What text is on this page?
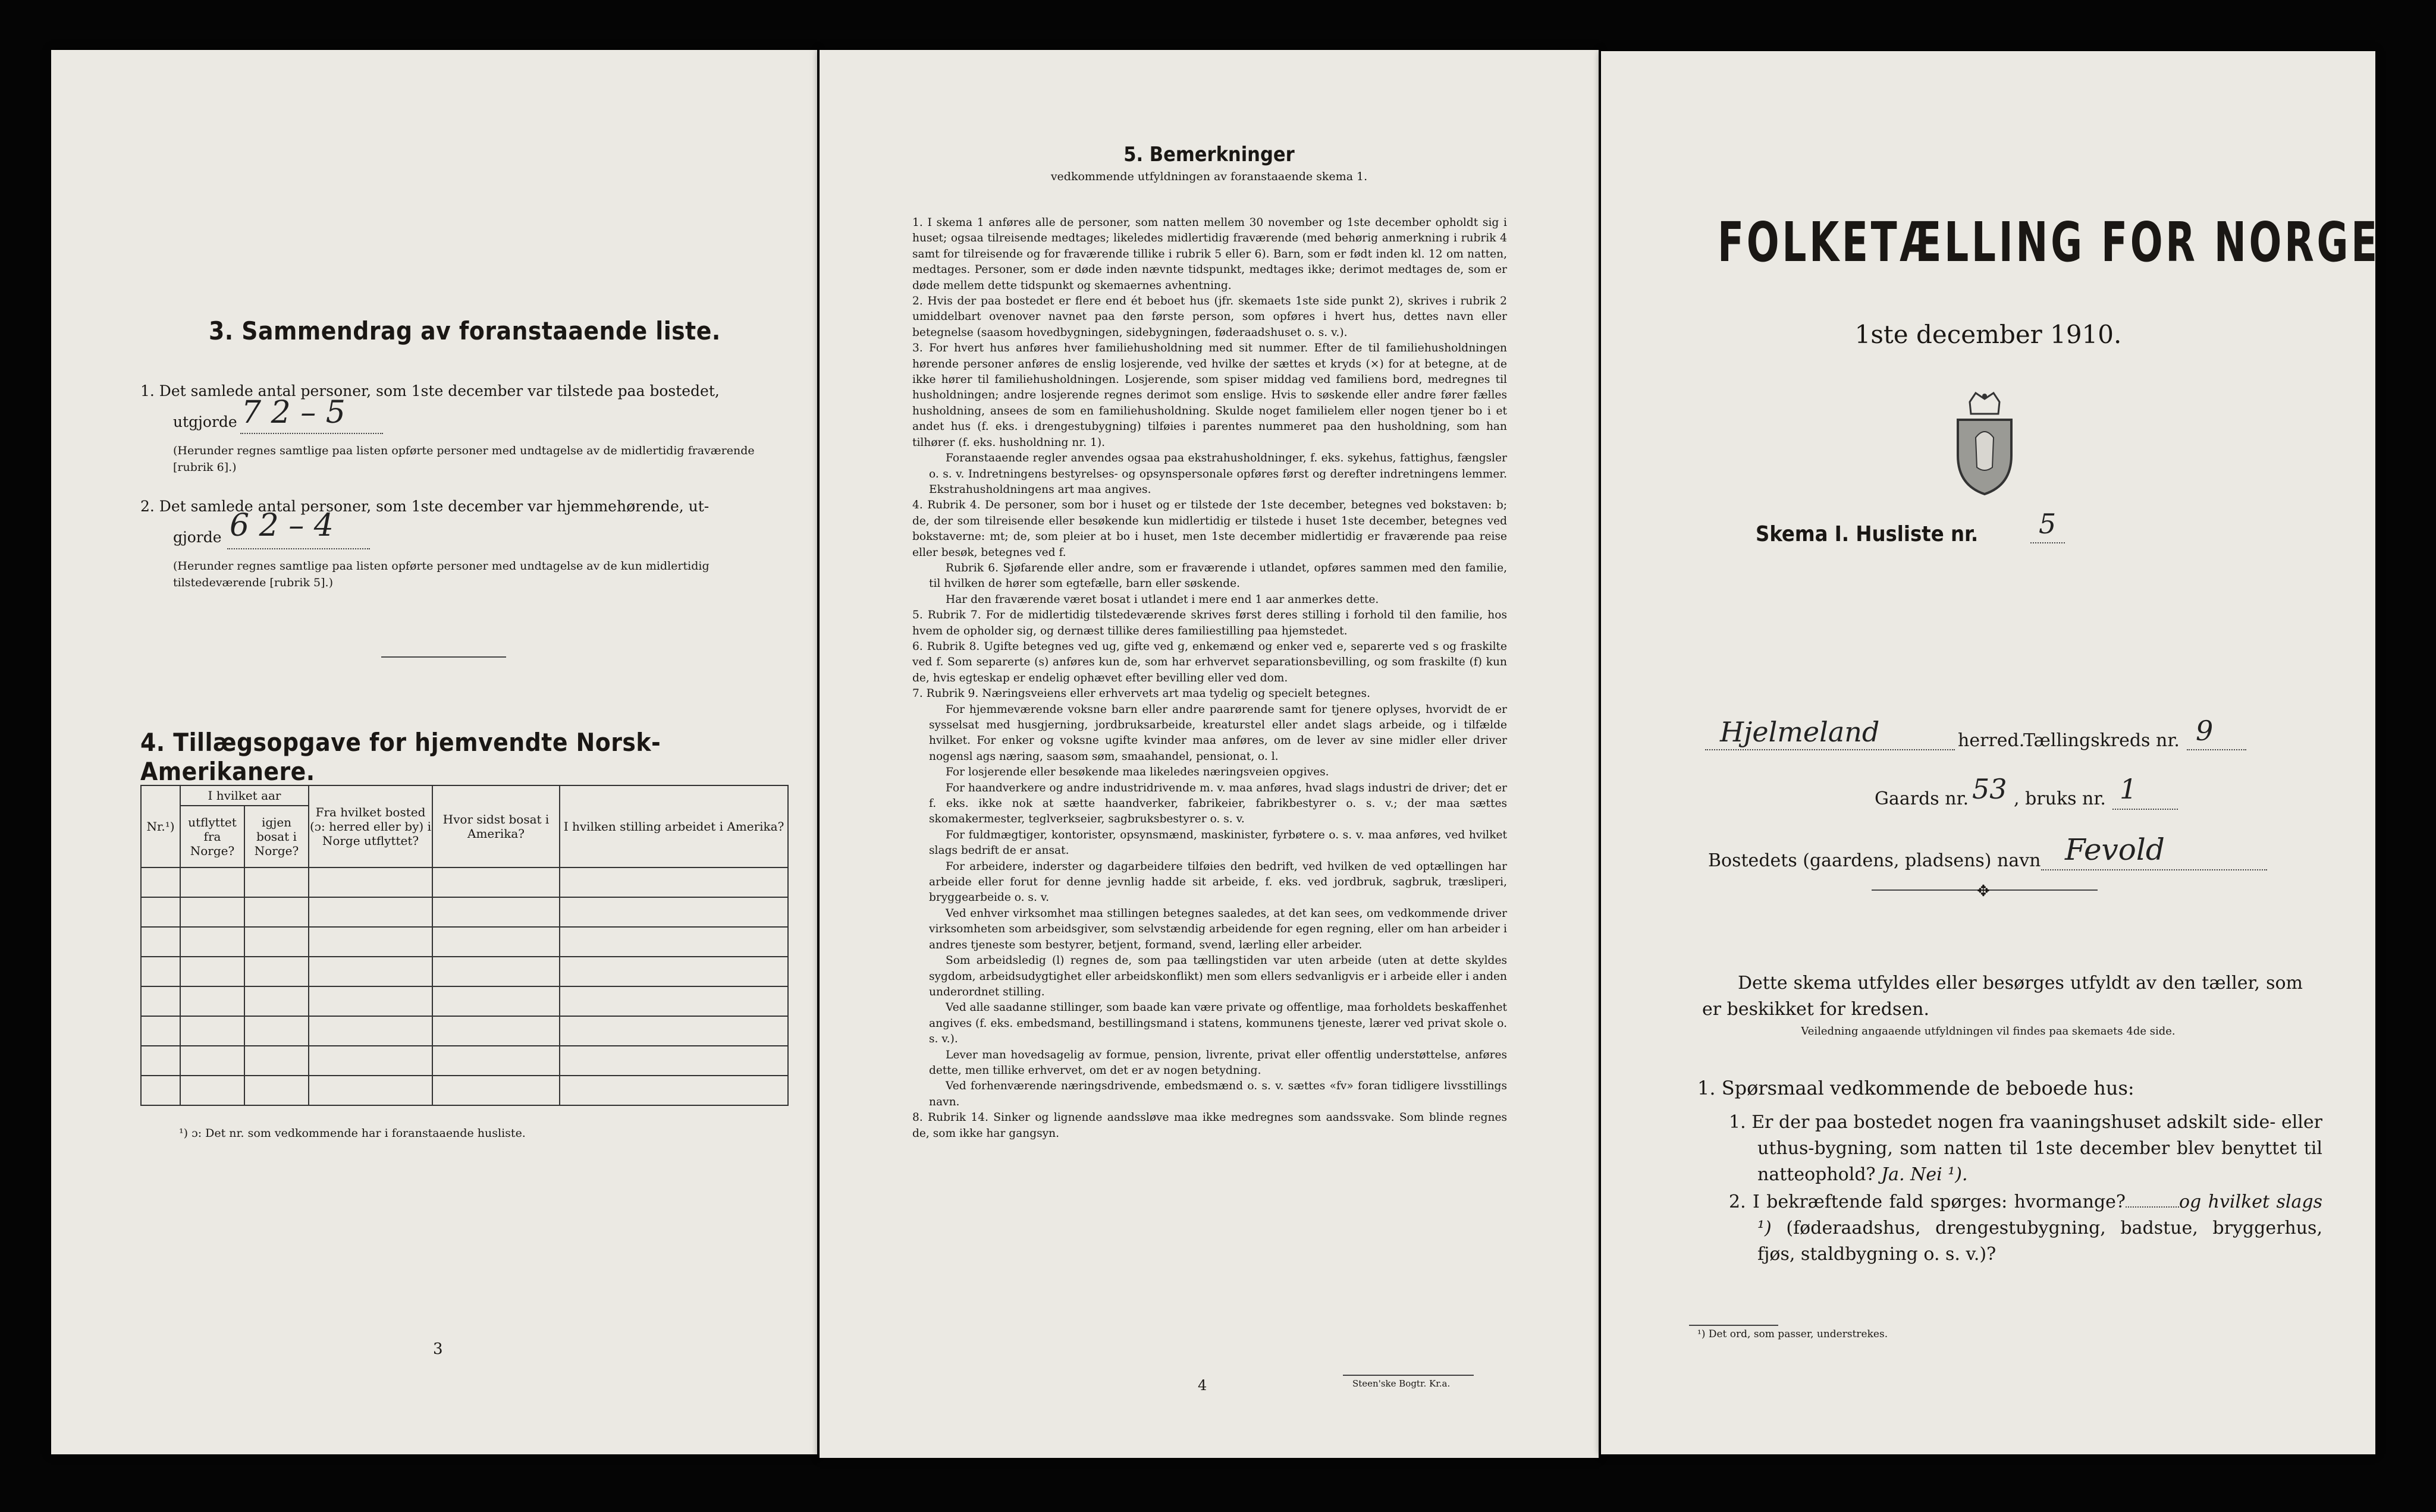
3. Sammendrag av foranstaaende liste.
1. Det samlede antal personer, som 1ste december var tilstede paa bostedet,
utgjorde 7 2 – 5
(Herunder regnes samtlige paa listen opførte personer med undtagelse av de midlertidig fraværende [rubrik 6].)
2. Det samlede antal personer, som 1ste december var hjemmehørende, ut-
gjorde 6 2 – 4
(Herunder regnes samtlige paa listen opførte personer med undtagelse av de kun midlertidig tilstedeværende [rubrik 5].)
4. Tillægsopgave for hjemvendte Norsk-Amerikanere.
Nr.¹)	I hvilket aar		Fra hvilket bosted (ɔ: herred eller by) i Norge utflyttet?	Hvor sidst bosat i Amerika?	I hvilken stilling arbeidet i Amerika?
	utflyttet fra Norge?	igjen bosat i Norge?			

¹) ɔ: Det nr. som vedkommende har i foranstaaende husliste.
3
5. Bemerkninger
vedkommende utfyldningen av foranstaaende skema 1.

1. I skema 1 anføres alle de personer, som natten mellem 30 november og 1ste december opholdt sig i huset; ogsaa tilreisende medtages; likeledes midlertidig fraværende (med behørig anmerkning i rubrik 4 samt for tilreisende og for fraværende tillike i rubrik 5 eller 6). Barn, som er født inden kl. 12 om natten, medtages. Personer, som er døde inden nævnte tidspunkt, medtages ikke; derimot medtages de, som er døde mellem dette tidspunkt og skemaernes avhentning.

2. Hvis der paa bostedet er flere end ét beboet hus (jfr. skemaets 1ste side punkt 2), skrives i rubrik 2 umiddelbart ovenover navnet paa den første person, som opføres i hvert hus, dettes navn eller betegnelse (saasom hovedbygningen, sidebygningen, føderaadshuset o. s. v.).

3. For hvert hus anføres hver familiehusholdning med sit nummer. Efter de til familiehusholdningen hørende personer anføres de enslig losjerende, ved hvilke der sættes et kryds (×) for at betegne, at de ikke hører til familiehusholdningen. Losjerende, som spiser middag ved familiens bord, medregnes til husholdningen; andre losjerende regnes derimot som enslige. Hvis to søskende eller andre fører fælles husholdning, ansees de som en familiehusholdning. Skulde noget familielem eller nogen tjener bo i et andet hus (f. eks. i drengestubygning) tilføies i parentes nummeret paa den husholdning, som han tilhører (f. eks. husholdning nr. 1).

Foranstaaende regler anvendes ogsaa paa ekstrahusholdninger, f. eks. sykehus, fattighus, fængsler o. s. v. Indretningens bestyrelses- og opsynspersonale opføres først og derefter indretningens lemmer. Ekstrahusholdningens art maa angives.

4. Rubrik 4. De personer, som bor i huset og er tilstede der 1ste december, betegnes ved bokstaven: b; de, der som tilreisende eller besøkende kun midlertidig er tilstede i huset 1ste december, betegnes ved bokstaverne: mt; de, som pleier at bo i huset, men 1ste december midlertidig er fraværende paa reise eller besøk, betegnes ved f.

Rubrik 6. Sjøfarende eller andre, som er fraværende i utlandet, opføres sammen med den familie, til hvilken de hører som egtefælle, barn eller søskende.

Har den fraværende været bosat i utlandet i mere end 1 aar anmerkes dette.

5. Rubrik 7. For de midlertidig tilstedeværende skrives først deres stilling i forhold til den familie, hos hvem de opholder sig, og dernæst tillike deres familiestilling paa hjemstedet.

6. Rubrik 8. Ugifte betegnes ved ug, gifte ved g, enkemænd og enker ved e, separerte ved s og fraskilte ved f. Som separerte (s) anføres kun de, som har erhvervet separationsbevilling, og som fraskilte (f) kun de, hvis egteskap er endelig ophævet efter bevilling eller ved dom.

7. Rubrik 9. Næringsveiens eller erhvervets art maa tydelig og specielt betegnes.

For hjemmeværende voksne barn eller andre paarørende samt for tjenere oplyses, hvorvidt de er sysselsat med husgjerning, jordbruksarbeide, kreaturstel eller andet slags arbeide, og i tilfælde hvilket. For enker og voksne ugifte kvinder maa anføres, om de lever av sine midler eller driver nogensl ags næring, saasom søm, smaahandel, pensionat, o. l.

For losjerende eller besøkende maa likeledes næringsveien opgives.

For haandverkere og andre industridrivende m. v. maa anføres, hvad slags industri de driver; det er f. eks. ikke nok at sætte haandverker, fabrikeier, fabrikbestyrer o. s. v.; der maa sættes skomakermester, teglverkseier, sagbruksbestyrer o. s. v.

For fuldmægtiger, kontorister, opsynsmænd, maskinister, fyrbøtere o. s. v. maa anføres, ved hvilket slags bedrift de er ansat.

For arbeidere, inderster og dagarbeidere tilføies den bedrift, ved hvilken de ved optællingen har arbeide eller forut for denne jevnlig hadde sit arbeide, f. eks. ved jordbruk, sagbruk, træsliperi, bryggearbeide o. s. v.

Ved enhver virksomhet maa stillingen betegnes saaledes, at det kan sees, om vedkommende driver virksomheten som arbeidsgiver, som selvstændig arbeidende for egen regning, eller om han arbeider i andres tjeneste som bestyrer, betjent, formand, svend, lærling eller arbeider.

Som arbeidsledig (l) regnes de, som paa tællingstiden var uten arbeide (uten at dette skyldes sygdom, arbeidsudygtighet eller arbeidskonflikt) men som ellers sedvanligvis er i arbeide eller i anden underordnet stilling.

Ved alle saadanne stillinger, som baade kan være private og offentlige, maa forholdets beskaffenhet angives (f. eks. embedsmand, bestillingsmand i statens, kommunens tjeneste, lærer ved privat skole o. s. v.).

Lever man hovedsagelig av formue, pension, livrente, privat eller offentlig understøttelse, anføres dette, men tillike erhvervet, om det er av nogen betydning.

Ved forhenværende næringsdrivende, embedsmænd o. s. v. sættes «fv» foran tidligere livsstillings navn.

8. Rubrik 14. Sinker og lignende aandssløve maa ikke medregnes som aandssvake. Som blinde regnes de, som ikke har gangsyn.

4	Steen'ske Bogtr. Kr.a.
FOLKETÆLLING FOR NORGE
1ste december 1910.
Skema I. Husliste nr. 5
Hjelmeland	herred.
Tællingskreds nr. 9
Gaards nr. 53 , bruks nr. 1
Bostedets (gaardens, pladsens) navn Fevold
✥
Dette skema utfyldes eller besørges utfyldt av den tæller, som er beskikket for kredsen.
Veiledning angaaende utfyldningen vil findes paa skemaets 4de side.
1. Spørsmaal vedkommende de beboede hus:
1. Er der paa bostedet nogen fra vaaningshuset adskilt side- eller uthus-bygning, som natten til 1ste december blev benyttet til natteophold? Ja. Nei ¹).
2. I bekræftende fald spørges: hvormange?	og hvilket slags ¹) (føderaadshus, drengestubygning, badstue, bryggerhus, fjøs, staldbygning o. s. v.)?
¹) Det ord, som passer, understrekes.
